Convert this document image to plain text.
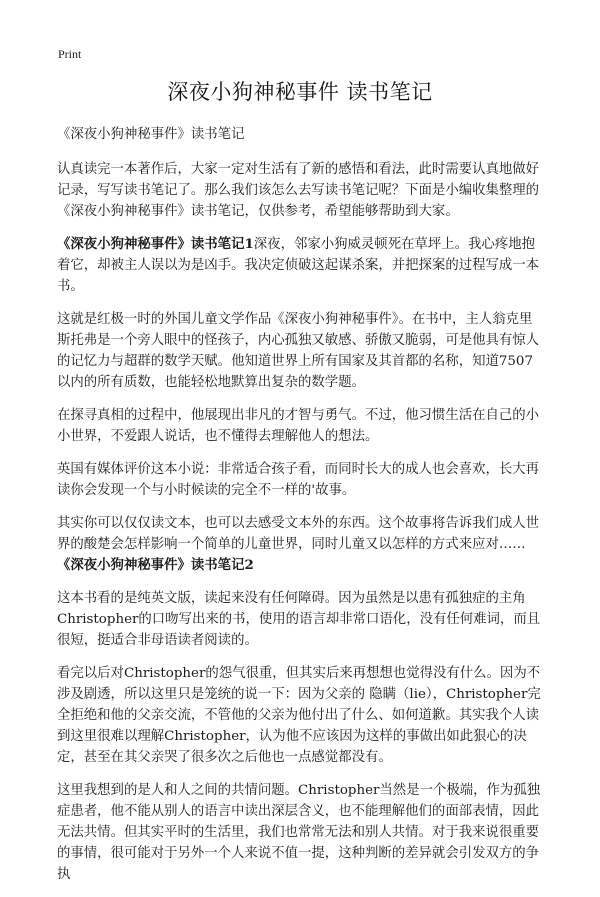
Print
深夜小狗神秘事件 读书笔记

《深夜小狗神秘事件》读书笔记

认真读完一本著作后，大家一定对生活有了新的感悟和看法，此时需要认真地做好记录，写写读书笔记了。那么我们该怎么去写读书笔记呢？下面是小编收集整理的《深夜小狗神秘事件》读书笔记，仅供参考，希望能够帮助到大家。

《深夜小狗神秘事件》读书笔记1深夜，邻家小狗威灵顿死在草坪上。我心疼地抱着它，却被主人误以为是凶手。我决定侦破这起谋杀案，并把探案的过程写成一本书。

这就是红极一时的外国儿童文学作品《深夜小狗神秘事件》。在书中，主人翁克里斯托弗是一个旁人眼中的怪孩子，内心孤独又敏感、骄傲又脆弱，可是他具有惊人的记忆力与超群的数学天赋。他知道世界上所有国家及其首都的名称，知道7507以内的所有质数，也能轻松地默算出复杂的数学题。

在探寻真相的过程中，他展现出非凡的才智与勇气。不过，他习惯生活在自己的小小世界，不爱跟人说话，也不懂得去理解他人的想法。

英国有媒体评价这本小说：非常适合孩子看，而同时长大的成人也会喜欢，长大再读你会发现一个与小时候读的完全不一样的'故事。

其实你可以仅仅读文本，也可以去感受文本外的东西。这个故事将告诉我们成人世界的酸楚会怎样影响一个简单的儿童世界，同时儿童又以怎样的方式来应对……

《深夜小狗神秘事件》读书笔记2

这本书看的是纯英文版，读起来没有任何障碍。因为虽然是以患有孤独症的主角Christopher的口吻写出来的书，使用的语言却非常口语化，没有任何难词，而且很短，挺适合非母语读者阅读的。

看完以后对Christopher的怨气很重，但其实后来再想想也觉得没有什么。因为不涉及剧透，所以这里只是笼统的说一下：因为父亲的 隐瞒（lie），Christopher完全拒绝和他的父亲交流，不管他的父亲为他付出了什么、如何道歉。其实我个人读到这里很难以理解Christopher，认为他不应该因为这样的事做出如此狠心的决定，甚至在其父亲哭了很多次之后他也一点感觉都没有。

这里我想到的是人和人之间的共情问题。Christopher当然是一个极端，作为孤独症患者，他不能从别人的语言中读出深层含义，也不能理解他们的面部表情，因此无法共情。但其实平时的生活里，我们也常常无法和别人共情。对于我来说很重要的事情，很可能对于另外一个人来说不值一提，这种判断的差异就会引发双方的争执
